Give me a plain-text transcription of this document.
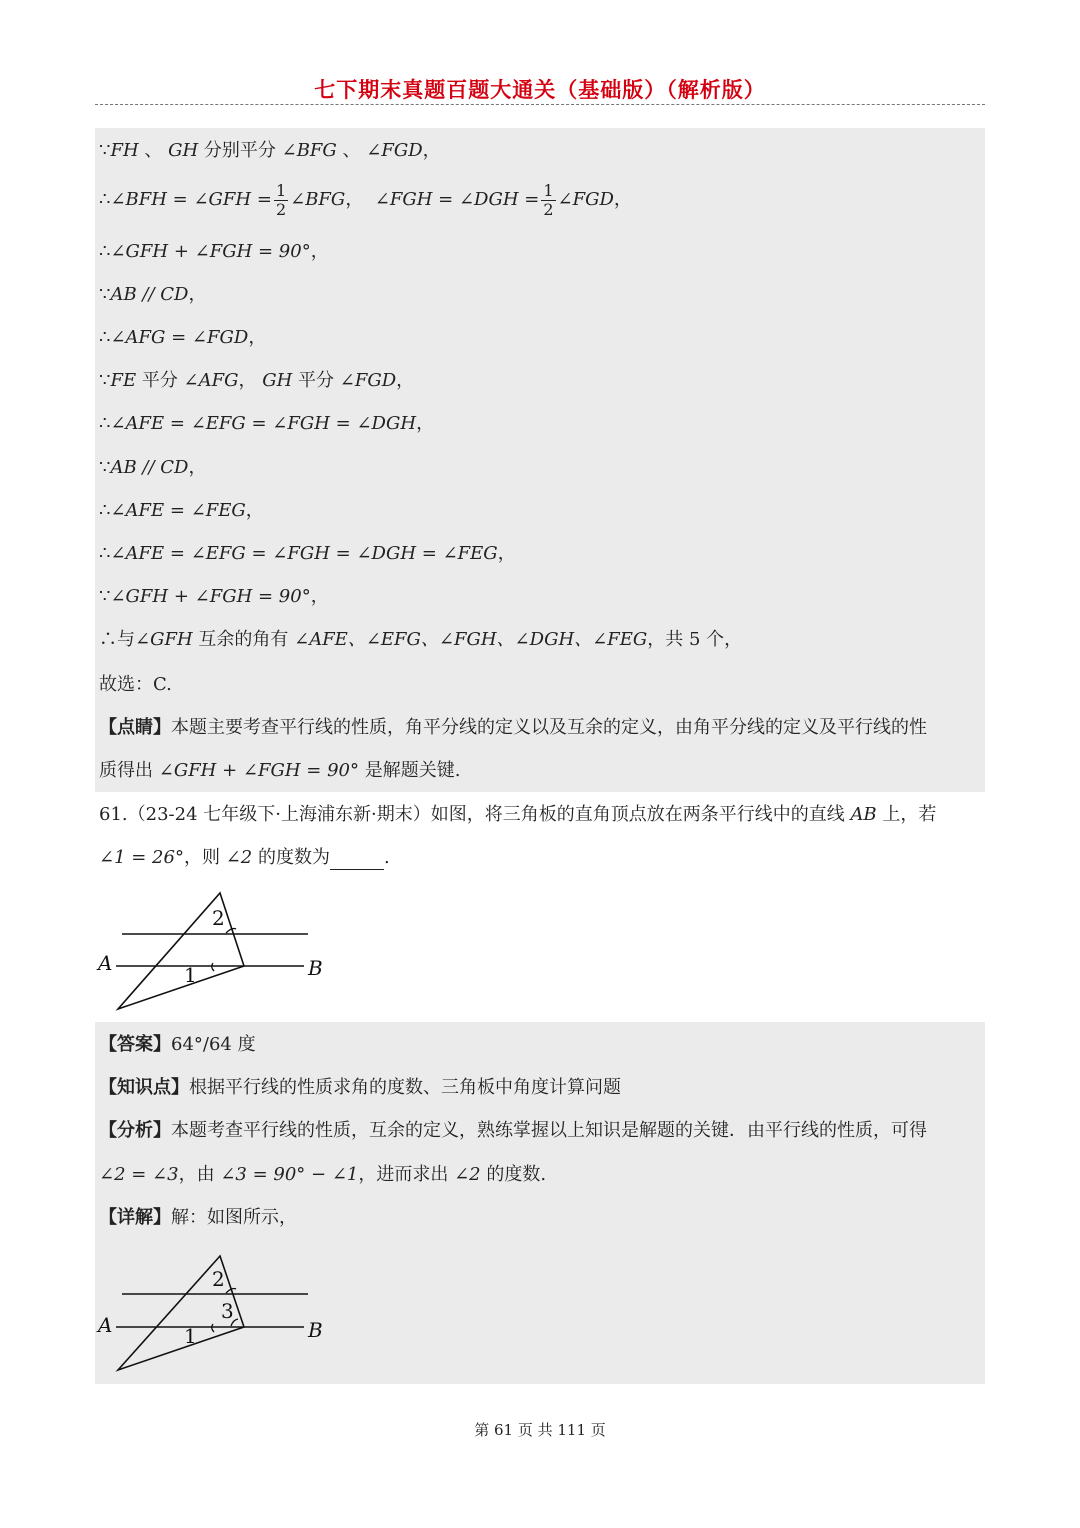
七下期末真题百题大通关（基础版）（解析版）
∵FH 、 GH 分别平分 ∠BFG 、 ∠FGD，
∴∠BFH = ∠GFH = $\frac{1}{2}$ ∠BFG， ∠FGH = ∠DGH = $\frac{1}{2}$ ∠FGD，
∴∠GFH + ∠FGH = 90°，
∵AB // CD，
∴∠AFG = ∠FGD，
∵FE 平分 ∠AFG， GH 平分 ∠FGD，
∴∠AFE = ∠EFG = ∠FGH = ∠DGH，
∵AB // CD，
∴∠AFE = ∠FEG，
∴∠AFE = ∠EFG = ∠FGH = ∠DGH = ∠FEG，
∵∠GFH + ∠FGH = 90°，
∴与∠GFH 互余的角有 ∠AFE、∠EFG、∠FGH、∠DGH、∠FEG，共 5 个，
故选：C.
【点睛】本题主要考查平行线的性质，角平分线的定义以及互余的定义，由角平分线的定义及平行线的性
质得出 ∠GFH + ∠FGH = 90° 是解题关键.
61.（23-24 七年级下·上海浦东新·期末）如图，将三角板的直角顶点放在两条平行线中的直线 AB 上，若
∠1 = 26°，则 ∠2 的度数为	.
A	B
1
2
【答案】64°/64 度
【知识点】根据平行线的性质求角的度数、三角板中角度计算问题
【分析】本题考查平行线的性质，互余的定义，熟练掌握以上知识是解题的关键．由平行线的性质，可得
∠2 = ∠3，由 ∠3 = 90° − ∠1，进而求出 ∠2 的度数.
【详解】解：如图所示，
A	B
1
2
3
第 61 页 共 111 页
